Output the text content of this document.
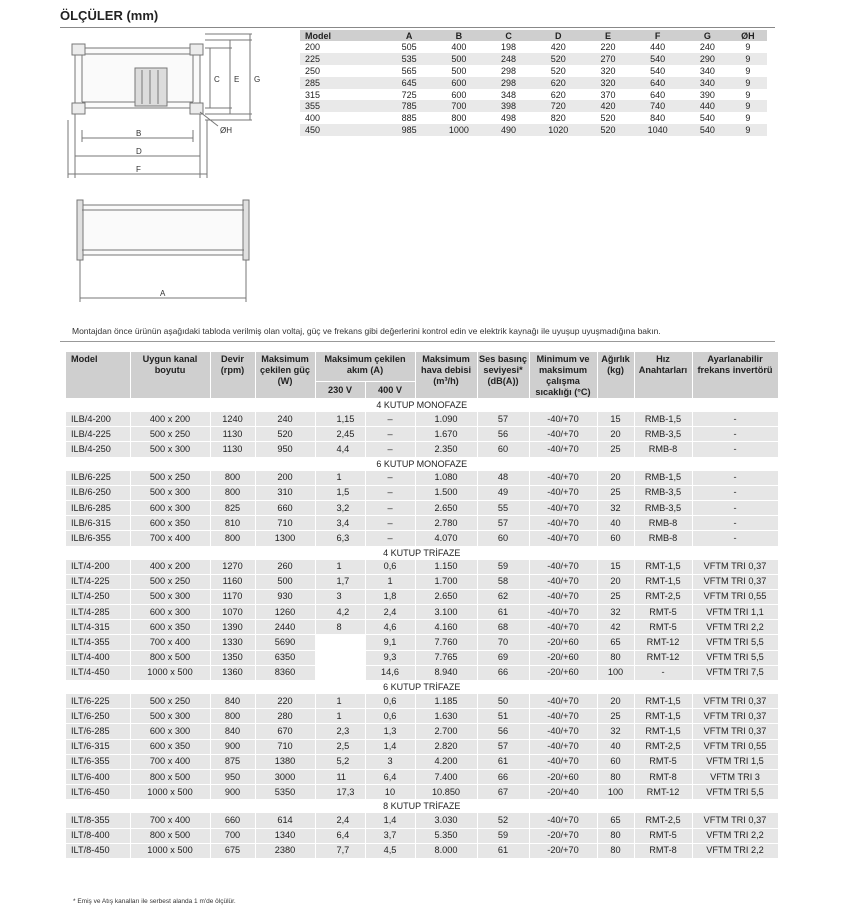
ÖLÇÜLER (mm)
C E G
ØH
B
D
F
A
Model	A	B	C	D	E	F	G	ØH
200	505	400	198	420	220	440	240	9
225	535	500	248	520	270	540	290	9
250	565	500	298	520	320	540	340	9
285	645	600	298	620	320	640	340	9
315	725	600	348	620	370	640	390	9
355	785	700	398	720	420	740	440	9
400	885	800	498	820	520	840	540	9
450	985	1000	490	1020	520	1040	540	9
Montajdan önce ürünün aşağıdaki tabloda verilmiş olan voltaj, güç ve frekans gibi değerlerini kontrol edin ve elektrik kaynağı ile uyuşup uyuşmadığına bakın.
Model	Uygun kanal boyutu	Devir (rpm)	Maksimum çekilen güç (W)	Maksimum çekilen akım (A)		Maksimum hava debisi (m³/h)	Ses basınç seviyesi* (dB(A))	Minimum ve maksimum çalışma sıcaklığı (°C)	Ağırlık (kg)	Hız Anahtarları	Ayarlanabilir frekans invertörü
				230 V	400 V						
4 KUTUP MONOFAZE											
ILB/4-200	400 x 200	1240	240	1,15	–	1.090	57	-40/+70	15	RMB-1,5	-
ILB/4-225	500 x 250	1130	520	2,45	–	1.670	56	-40/+70	20	RMB-3,5	-
ILB/4-250	500 x 300	1130	950	4,4	–	2.350	60	-40/+70	25	RMB-8	-
6 KUTUP MONOFAZE											
ILB/6-225	500 x 250	800	200	1	–	1.080	48	-40/+70	20	RMB-1,5	-
ILB/6-250	500 x 300	800	310	1,5	–	1.500	49	-40/+70	25	RMB-3,5	-
ILB/6-285	600 x 300	825	660	3,2	–	2.650	55	-40/+70	32	RMB-3,5	-
ILB/6-315	600 x 350	810	710	3,4	–	2.780	57	-40/+70	40	RMB-8	-
ILB/6-355	700 x 400	800	1300	6,3	–	4.070	60	-40/+70	60	RMB-8	-
4 KUTUP TRİFAZE											
ILT/4-200	400 x 200	1270	260	1	0,6	1.150	59	-40/+70	15	RMT-1,5	VFTM TRI 0,37
ILT/4-225	500 x 250	1160	500	1,7	1	1.700	58	-40/+70	20	RMT-1,5	VFTM TRI 0,37
ILT/4-250	500 x 300	1170	930	3	1,8	2.650	62	-40/+70	25	RMT-2,5	VFTM TRI 0,55
ILT/4-285	600 x 300	1070	1260	4,2	2,4	3.100	61	-40/+70	32	RMT-5	VFTM TRI 1,1
ILT/4-315	600 x 350	1390	2440	8	4,6	4.160	68	-40/+70	42	RMT-5	VFTM TRI 2,2
ILT/4-355	700 x 400	1330	5690		9,1	7.760	70	-20/+60	65	RMT-12	VFTM TRI 5,5
ILT/4-400	800 x 500	1350	6350		9,3	7.765	69	-20/+60	80	RMT-12	VFTM TRI 5,5
ILT/4-450	1000 x 500	1360	8360		14,6	8.940	66	-20/+60	100	-	VFTM TRI 7,5
6 KUTUP TRİFAZE											
ILT/6-225	500 x 250	840	220	1	0,6	1.185	50	-40/+70	20	RMT-1,5	VFTM TRI 0,37
ILT/6-250	500 x 300	800	280	1	0,6	1.630	51	-40/+70	25	RMT-1,5	VFTM TRI 0,37
ILT/6-285	600 x 300	840	670	2,3	1,3	2.700	56	-40/+70	32	RMT-1,5	VFTM TRI 0,37
ILT/6-315	600 x 350	900	710	2,5	1,4	2.820	57	-40/+70	40	RMT-2,5	VFTM TRI 0,55
ILT/6-355	700 x 400	875	1380	5,2	3	4.200	61	-40/+70	60	RMT-5	VFTM TRI 1,5
ILT/6-400	800 x 500	950	3000	11	6,4	7.400	66	-20/+60	80	RMT-8	VFTM TRI 3
ILT/6-450	1000 x 500	900	5350	17,3	10	10.850	67	-20/+40	100	RMT-12	VFTM TRI 5,5
8 KUTUP TRİFAZE											
ILT/8-355	700 x 400	660	614	2,4	1,4	3.030	52	-40/+70	65	RMT-2,5	VFTM TRI 0,37
ILT/8-400	800 x 500	700	1340	6,4	3,7	5.350	59	-20/+70	80	RMT-5	VFTM TRI 2,2
ILT/8-450	1000 x 500	675	2380	7,7	4,5	8.000	61	-20/+70	80	RMT-8	VFTM TRI 2,2
* Emiş ve Atış kanalları ile serbest alanda 1 m'de ölçülür.
